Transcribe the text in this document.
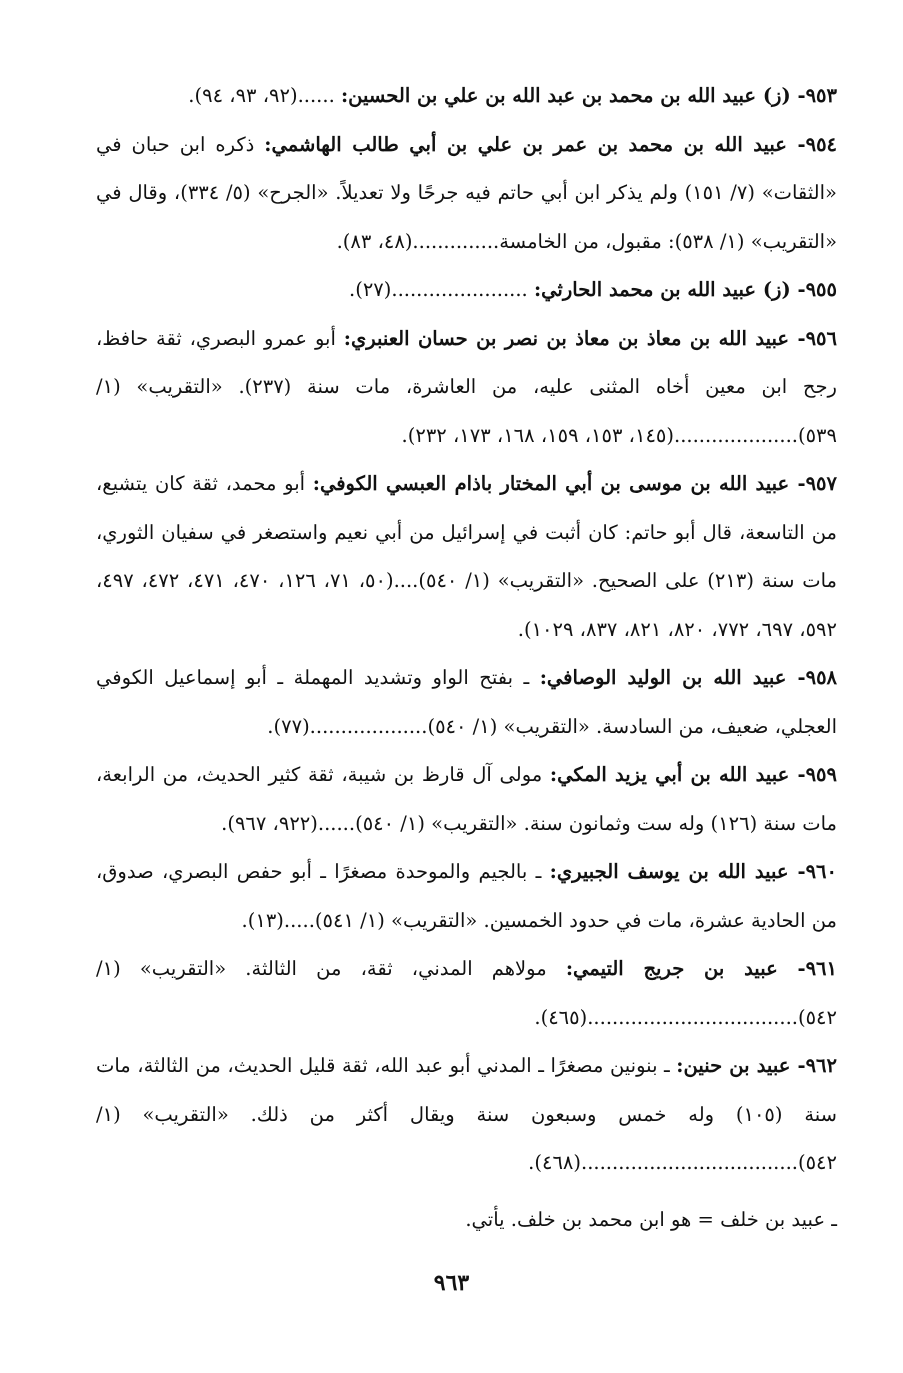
٩٥٣- (ز) عبيد الله بن محمد بن عبد الله بن علي بن الحسين: ......(٩٢، ٩٣، ٩٤).

٩٥٤- عبيد الله بن محمد بن عمر بن علي بن أبي طالب الهاشمي: ذكره ابن حبان في «الثقات» (٧/ ١٥١) ولم يذكر ابن أبي حاتم فيه جرحًا ولا تعديلاً. «الجرح» (٥/ ٣٣٤)، وقال في «التقريب» (١/ ٥٣٨): مقبول، من الخامسة..............(٤٨، ٨٣).

٩٥٥- (ز) عبيد الله بن محمد الحارثي: ......................(٢٧).

٩٥٦- عبيد الله بن معاذ بن معاذ بن نصر بن حسان العنبري: أبو عمرو البصري، ثقة حافظ، رجح ابن معين أخاه المثنى عليه، من العاشرة، مات سنة (٢٣٧). «التقريب» (١/ ٥٣٩)....................(١٤٥، ١٥٣، ١٥٩، ١٦٨، ١٧٣، ٢٣٢).

٩٥٧- عبيد الله بن موسى بن أبي المختار باذام العبسي الكوفي: أبو محمد، ثقة كان يتشيع، من التاسعة، قال أبو حاتم: كان أثبت في إسرائيل من أبي نعيم واستصغر في سفيان الثوري، مات سنة (٢١٣) على الصحيح. «التقريب» (١/ ٥٤٠)....(٥٠، ٧١، ١٢٦، ٤٧٠، ٤٧١، ٤٧٢، ٤٩٧، ٥٩٢، ٦٩٧، ٧٧٢، ٨٢٠، ٨٢١، ٨٣٧، ١٠٢٩).

٩٥٨- عبيد الله بن الوليد الوصافي: ـ بفتح الواو وتشديد المهملة ـ أبو إسماعيل الكوفي العجلي، ضعيف، من السادسة. «التقريب» (١/ ٥٤٠)...................(٧٧).

٩٥٩- عبيد الله بن أبي يزيد المكي: مولى آل قارظ بن شيبة، ثقة كثير الحديث، من الرابعة، مات سنة (١٢٦) وله ست وثمانون سنة. «التقريب» (١/ ٥٤٠)......(٩٢٢، ٩٦٧).

٩٦٠- عبيد الله بن يوسف الجبيري: ـ بالجيم والموحدة مصغرًا ـ أبو حفص البصري، صدوق، من الحادية عشرة، مات في حدود الخمسين. «التقريب» (١/ ٥٤١).....(١٣).

٩٦١- عبيد بن جريج التيمي: مولاهم المدني، ثقة، من الثالثة. «التقريب» (١/ ٥٤٢)..................................(٤٦٥).

٩٦٢- عبيد بن حنين: ـ بنونين مصغرًا ـ المدني أبو عبد الله، ثقة قليل الحديث، من الثالثة، مات سنة (١٠٥) وله خمس وسبعون سنة ويقال أكثر من ذلك. «التقريب» (١/ ٥٤٢)...................................(٤٦٨).

ـ عبيد بن خلف = هو ابن محمد بن خلف. يأتي.

٩٦٣
